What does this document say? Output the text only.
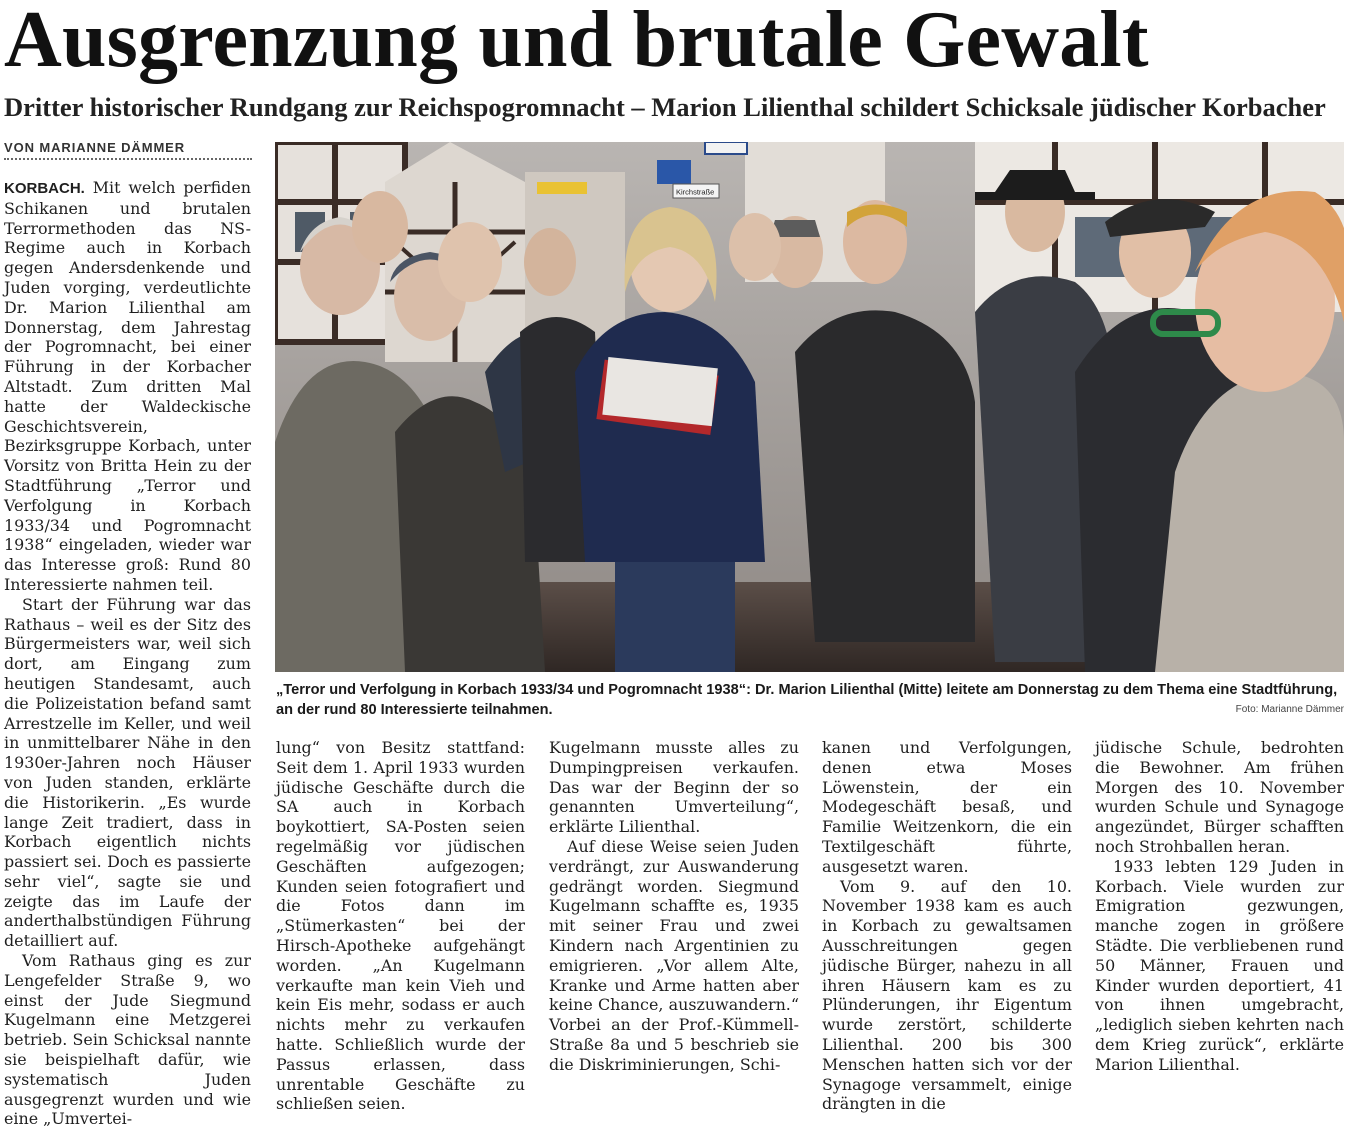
Ausgrenzung und brutale Gewalt
Dritter historischer Rundgang zur Reichspogromnacht – Marion Lilienthal schildert Schicksale jüdischer Korbacher
VON MARIANNE DÄMMER

KORBACH. Mit welch perfiden Schikanen und brutalen Terrormethoden das NS-Regime auch in Korbach gegen Andersdenkende und Juden vorging, verdeutlichte Dr. Marion Lilienthal am Donnerstag, dem Jahrestag der Pogromnacht, bei einer Führung in der Korbacher Altstadt. Zum dritten Mal hatte der Waldeckische Geschichtsverein, Bezirksgruppe Korbach, unter Vorsitz von Britta Hein zu der Stadtführung „Terror und Verfolgung in Korbach 1933/34 und Pogromnacht 1938“ eingeladen, wieder war das Interesse groß: Rund 80 Interessierte nahmen teil.

Start der Führung war das Rathaus – weil es der Sitz des Bürgermeisters war, weil sich dort, am Eingang zum heutigen Standesamt, auch die Polizeistation befand samt Arrestzelle im Keller, und weil in unmittelbarer Nähe in den 1930er-Jahren noch Häuser von Juden standen, erklärte die Historikerin. „Es wurde lange Zeit tradiert, dass in Korbach eigentlich nichts passiert sei. Doch es passierte sehr viel“, sagte sie und zeigte das im Laufe der anderthalbstündigen Führung detailliert auf.

Vom Rathaus ging es zur Lengefelder Straße 9, wo einst der Jude Siegmund Kugelmann eine Metzgerei betrieb. Sein Schicksal nannte sie beispielhaft dafür, wie systematisch Juden ausgegrenzt wurden und wie eine „Umvertei-

Kirchstraße
„Terror und Verfolgung in Korbach 1933/34 und Pogromnacht 1938“: Dr. Marion Lilienthal (Mitte) leitete am Donnerstag zu dem Thema eine Stadtführung, an der rund 80 Interessierte teilnahmen.	Foto: Marianne Dämmer

lung“ von Besitz stattfand: Seit dem 1. April 1933 wurden jüdische Geschäfte durch die SA auch in Korbach boykottiert, SA-Posten seien regelmäßig vor jüdischen Geschäften aufgezogen; Kunden seien fotografiert und die Fotos dann im „Stümerkasten“ bei der Hirsch-Apotheke aufgehängt worden. „An Kugelmann verkaufte man kein Vieh und kein Eis mehr, sodass er auch nichts mehr zu verkaufen hatte. Schließlich wurde der Passus erlassen, dass unrentable Geschäfte zu schließen seien.

Kugelmann musste alles zu Dumpingpreisen verkaufen. Das war der Beginn der so genannten Umverteilung“, erklärte Lilienthal.

Auf diese Weise seien Juden verdrängt, zur Auswanderung gedrängt worden. Siegmund Kugelmann schaffte es, 1935 mit seiner Frau und zwei Kindern nach Argentinien zu emigrieren. „Vor allem Alte, Kranke und Arme hatten aber keine Chance, auszuwandern.“ Vorbei an der Prof.-Kümmell-Straße 8a und 5 beschrieb sie die Diskriminierungen, Schi-

kanen und Verfolgungen, denen etwa Moses Löwenstein, der ein Modegeschäft besaß, und Familie Weitzenkorn, die ein Textilgeschäft führte, ausgesetzt waren.

Vom 9. auf den 10. November 1938 kam es auch in Korbach zu gewaltsamen Ausschreitungen gegen jüdische Bürger, nahezu in all ihren Häusern kam es zu Plünderungen, ihr Eigentum wurde zerstört, schilderte Lilienthal. 200 bis 300 Menschen hatten sich vor der Synagoge versammelt, einige drängten in die

jüdische Schule, bedrohten die Bewohner. Am frühen Morgen des 10. November wurden Schule und Synagoge angezündet, Bürger schafften noch Strohballen heran.

1933 lebten 129 Juden in Korbach. Viele wurden zur Emigration gezwungen, manche zogen in größere Städte. Die verbliebenen rund 50 Männer, Frauen und Kinder wurden deportiert, 41 von ihnen umgebracht, „lediglich sieben kehrten nach dem Krieg zurück“, erklärte Marion Lilienthal.
